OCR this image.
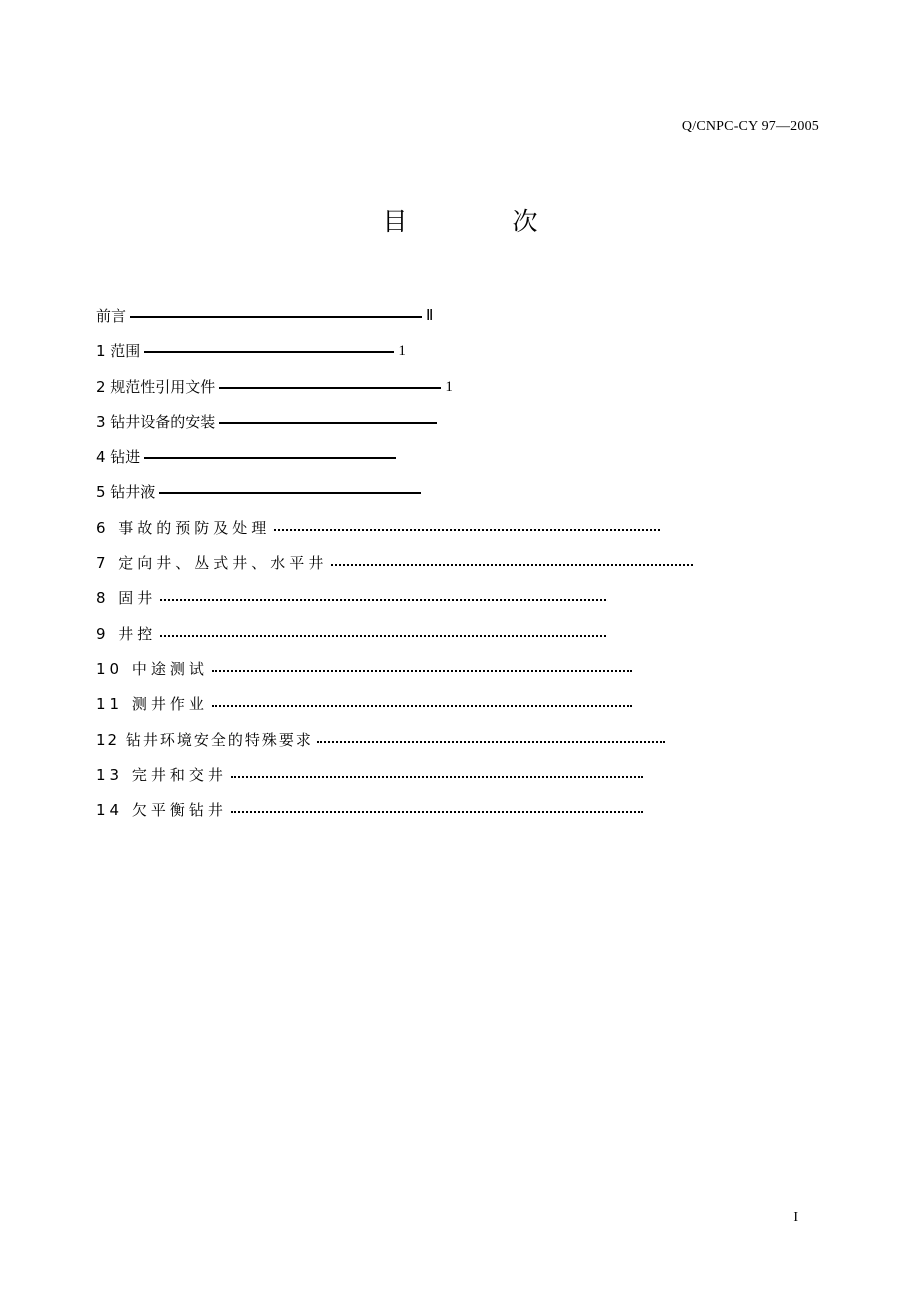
Q/CNPC-CY 97—2005
目　次
前言	Ⅱ
1 范围	1
2 规范性引用文件	1
3 钻井设备的安装
4 钻进
5 钻井液
6 事故的预防及处理
7 定向井、丛式井、水平井
8 固井
9 井控
10 中途测试
11 测井作业
12 钻井环境安全的特殊要求
13 完井和交井
14 欠平衡钻井
I
